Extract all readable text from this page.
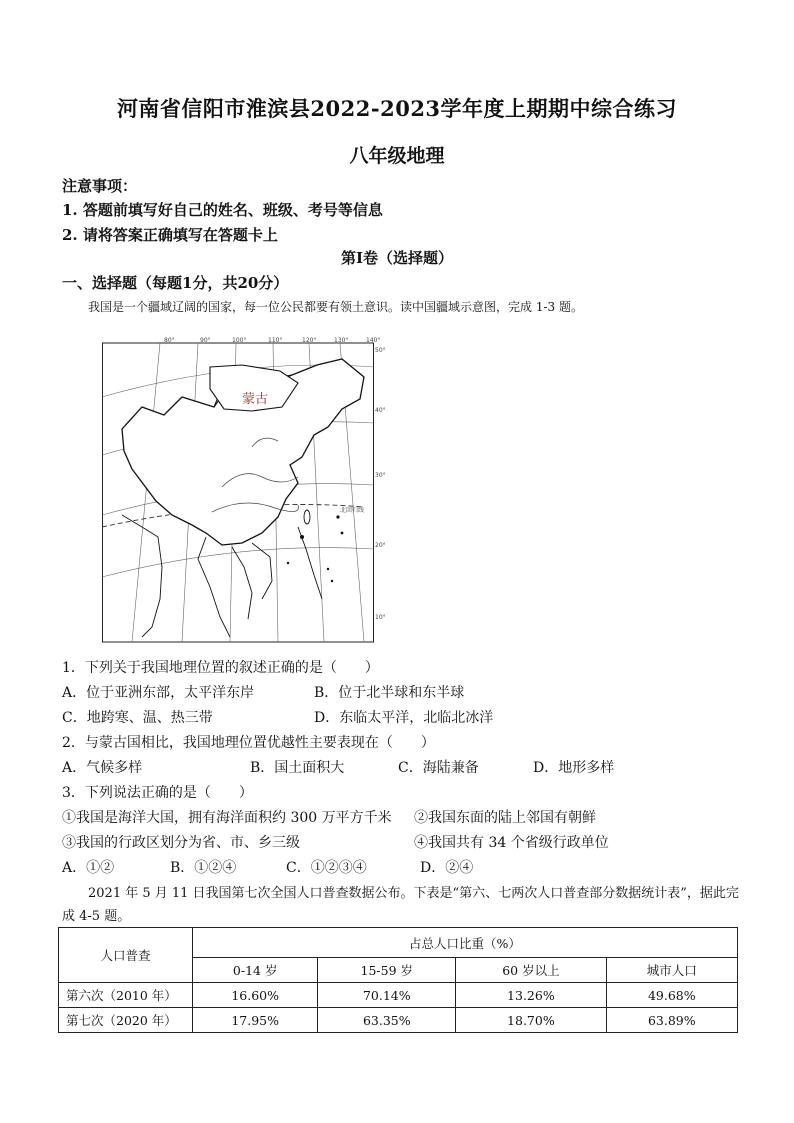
河南省信阳市淮滨县2022-2023学年度上期期中综合练习
八年级地理
注意事项：
1. 答题前填写好自己的姓名、班级、考号等信息
2. 请将答案正确填写在答题卡上
第I卷（选择题）
一、选择题（每题1分，共20分）
我国是一个疆域辽阔的国家，每一位公民都要有领土意识。读中国疆域示意图，完成 1-3 题。
80°	90°	100°	110°	120°	130°	140°
50°
40°
30°
20°
10°
北回归线
蒙古
1．下列关于我国地理位置的叙述正确的是（　　）
A．位于亚洲东部，太平洋东岸	B．位于北半球和东半球
C．地跨寒、温、热三带	D．东临太平洋，北临北冰洋
2．与蒙古国相比，我国地理位置优越性主要表现在（　　）
A．气候多样	B．国土面积大	C．海陆兼备	D．地形多样
3．下列说法正确的是（　　）
①我国是海洋大国，拥有海洋面积约 300 万平方千米 ②我国东面的陆上邻国有朝鲜
③我国的行政区划分为省、市、乡三级	④我国共有 34 个省级行政单位
A．①②	B．①②④	C．①②③④	D．②④
2021 年 5 月 11 日我国第七次全国人口普查数据公布。下表是“第六、七两次人口普查部分数据统计表”，据此完成 4-5 题。
人口普查	占总人口比重（%）			
	0-14 岁	15-59 岁	60 岁以上	城市人口
第六次（2010 年）	16.60%	70.14%	13.26%	49.68%
第七次（2020 年）	17.95%	63.35%	18.70%	63.89%
